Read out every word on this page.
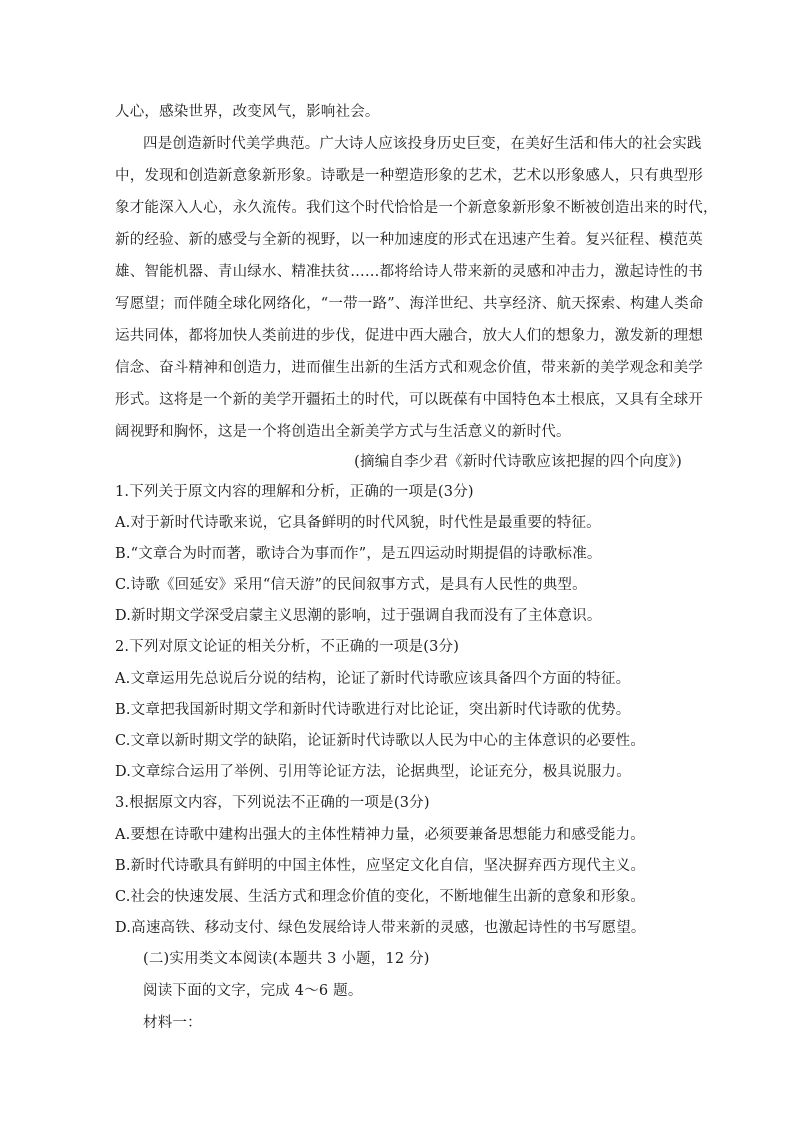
人心，感染世界，改变风气，影响社会。
四是创造新时代美学典范。广大诗人应该投身历史巨变，在美好生活和伟大的社会实践
中，发现和创造新意象新形象。诗歌是一种塑造形象的艺术，艺术以形象感人，只有典型形
象才能深入人心，永久流传。我们这个时代恰恰是一个新意象新形象不断被创造出来的时代，
新的经验、新的感受与全新的视野，以一种加速度的形式在迅速产生着。复兴征程、模范英
雄、智能机器、青山绿水、精准扶贫……都将给诗人带来新的灵感和冲击力，激起诗性的书
写愿望；而伴随全球化网络化，“一带一路”、海洋世纪、共享经济、航天探索、构建人类命
运共同体，都将加快人类前进的步伐，促进中西大融合，放大人们的想象力，激发新的理想
信念、奋斗精神和创造力，进而催生出新的生活方式和观念价值，带来新的美学观念和美学
形式。这将是一个新的美学开疆拓土的时代，可以既葆有中国特色本土根底，又具有全球开
阔视野和胸怀，这是一个将创造出全新美学方式与生活意义的新时代。
(摘编自李少君《新时代诗歌应该把握的四个向度》)
1.下列关于原文内容的理解和分析，正确的一项是(3分)
A.对于新时代诗歌来说，它具备鲜明的时代风貌，时代性是最重要的特征。
B.“文章合为时而著，歌诗合为事而作”，是五四运动时期提倡的诗歌标准。
C.诗歌《回延安》采用“信天游”的民间叙事方式，是具有人民性的典型。
D.新时期文学深受启蒙主义思潮的影响，过于强调自我而没有了主体意识。
2.下列对原文论证的相关分析，不正确的一项是(3分)
A.文章运用先总说后分说的结构，论证了新时代诗歌应该具备四个方面的特征。
B.文章把我国新时期文学和新时代诗歌进行对比论证，突出新时代诗歌的优势。
C.文章以新时期文学的缺陷，论证新时代诗歌以人民为中心的主体意识的必要性。
D.文章综合运用了举例、引用等论证方法，论据典型，论证充分，极具说服力。
3.根据原文内容，下列说法不正确的一项是(3分)
A.要想在诗歌中建构出强大的主体性精神力量，必须要兼备思想能力和感受能力。
B.新时代诗歌具有鲜明的中国主体性，应坚定文化自信，坚决摒弃西方现代主义。
C.社会的快速发展、生活方式和理念价值的变化，不断地催生出新的意象和形象。
D.高速高铁、移动支付、绿色发展给诗人带来新的灵感，也激起诗性的书写愿望。
(二)实用类文本阅读(本题共 3 小题，12 分)
阅读下面的文字，完成 4～6 题。
材料一：
